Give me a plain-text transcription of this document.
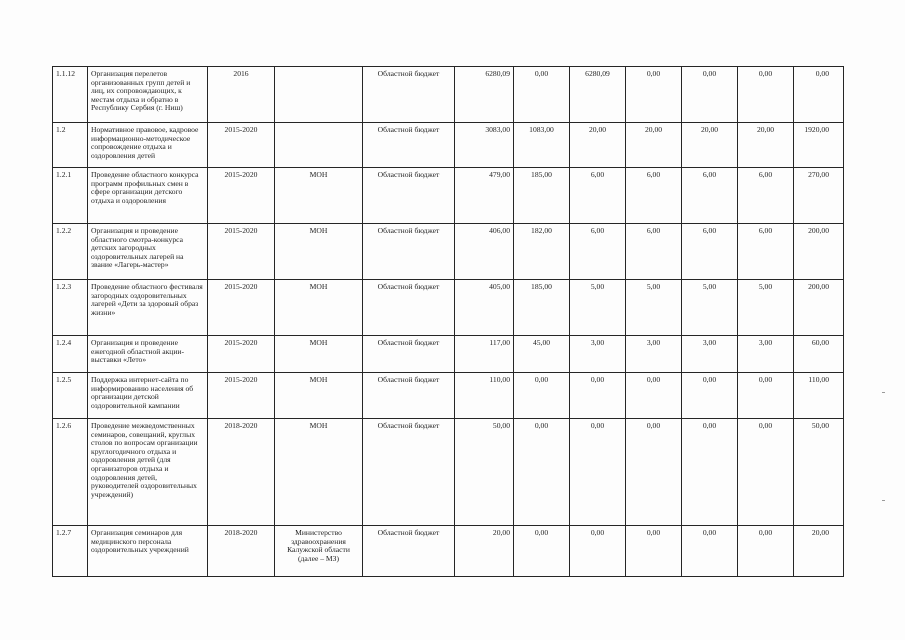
1.1.12	Организация перелетов организованных групп детей и лиц, их сопровождающих, к местам отдыха и обратно в Республику Сербия (г. Ниш)	2016		Областной бюджет	6280,09	0,00	6280,09	0,00	0,00	0,00	0,00
1.2	Нормативное правовое, кадровое информационно-методическое сопровождение отдыха и оздоровления детей	2015-2020		Областной бюджет	3083,00	1083,00	20,00	20,00	20,00	20,00	1920,00
1.2.1	Проведение областного конкурса программ профильных смен в сфере организации детского отдыха и оздоровления	2015-2020	МОН	Областной бюджет	479,00	185,00	6,00	6,00	6,00	6,00	270,00
1.2.2	Организация и проведение областного смотра-конкурса детских загородных оздоровительных лагерей на звание «Лагерь-мастер»	2015-2020	МОН	Областной бюджет	406,00	182,00	6,00	6,00	6,00	6,00	200,00
1.2.3	Проведение областного фестиваля загородных оздоровительных лагерей «Дети за здоровый образ жизни»	2015-2020	МОН	Областной бюджет	405,00	185,00	5,00	5,00	5,00	5,00	200,00
1.2.4	Организация и проведение ежегодной областной акции-выставки «Лето»	2015-2020	МОН	Областной бюджет	117,00	45,00	3,00	3,00	3,00	3,00	60,00
1.2.5	Поддержка интернет-сайта по информированию населения об организации детской оздоровительной кампании	2015-2020	МОН	Областной бюджет	110,00	0,00	0,00	0,00	0,00	0,00	110,00
1.2.6	Проведение межведомственных семинаров, совещаний, круглых столов по вопросам организации круглогодичного отдыха и оздоровления детей (для организаторов отдыха и оздоровления детей, руководителей оздоровительных учреждений)	2018-2020	МОН	Областной бюджет	50,00	0,00	0,00	0,00	0,00	0,00	50,00
1.2.7	Организация семинаров для медицинского персонала оздоровительных учреждений	2018-2020	Министерство здравоохранения Калужской области (далее – МЗ)	Областной бюджет	20,00	0,00	0,00	0,00	0,00	0,00	20,00
